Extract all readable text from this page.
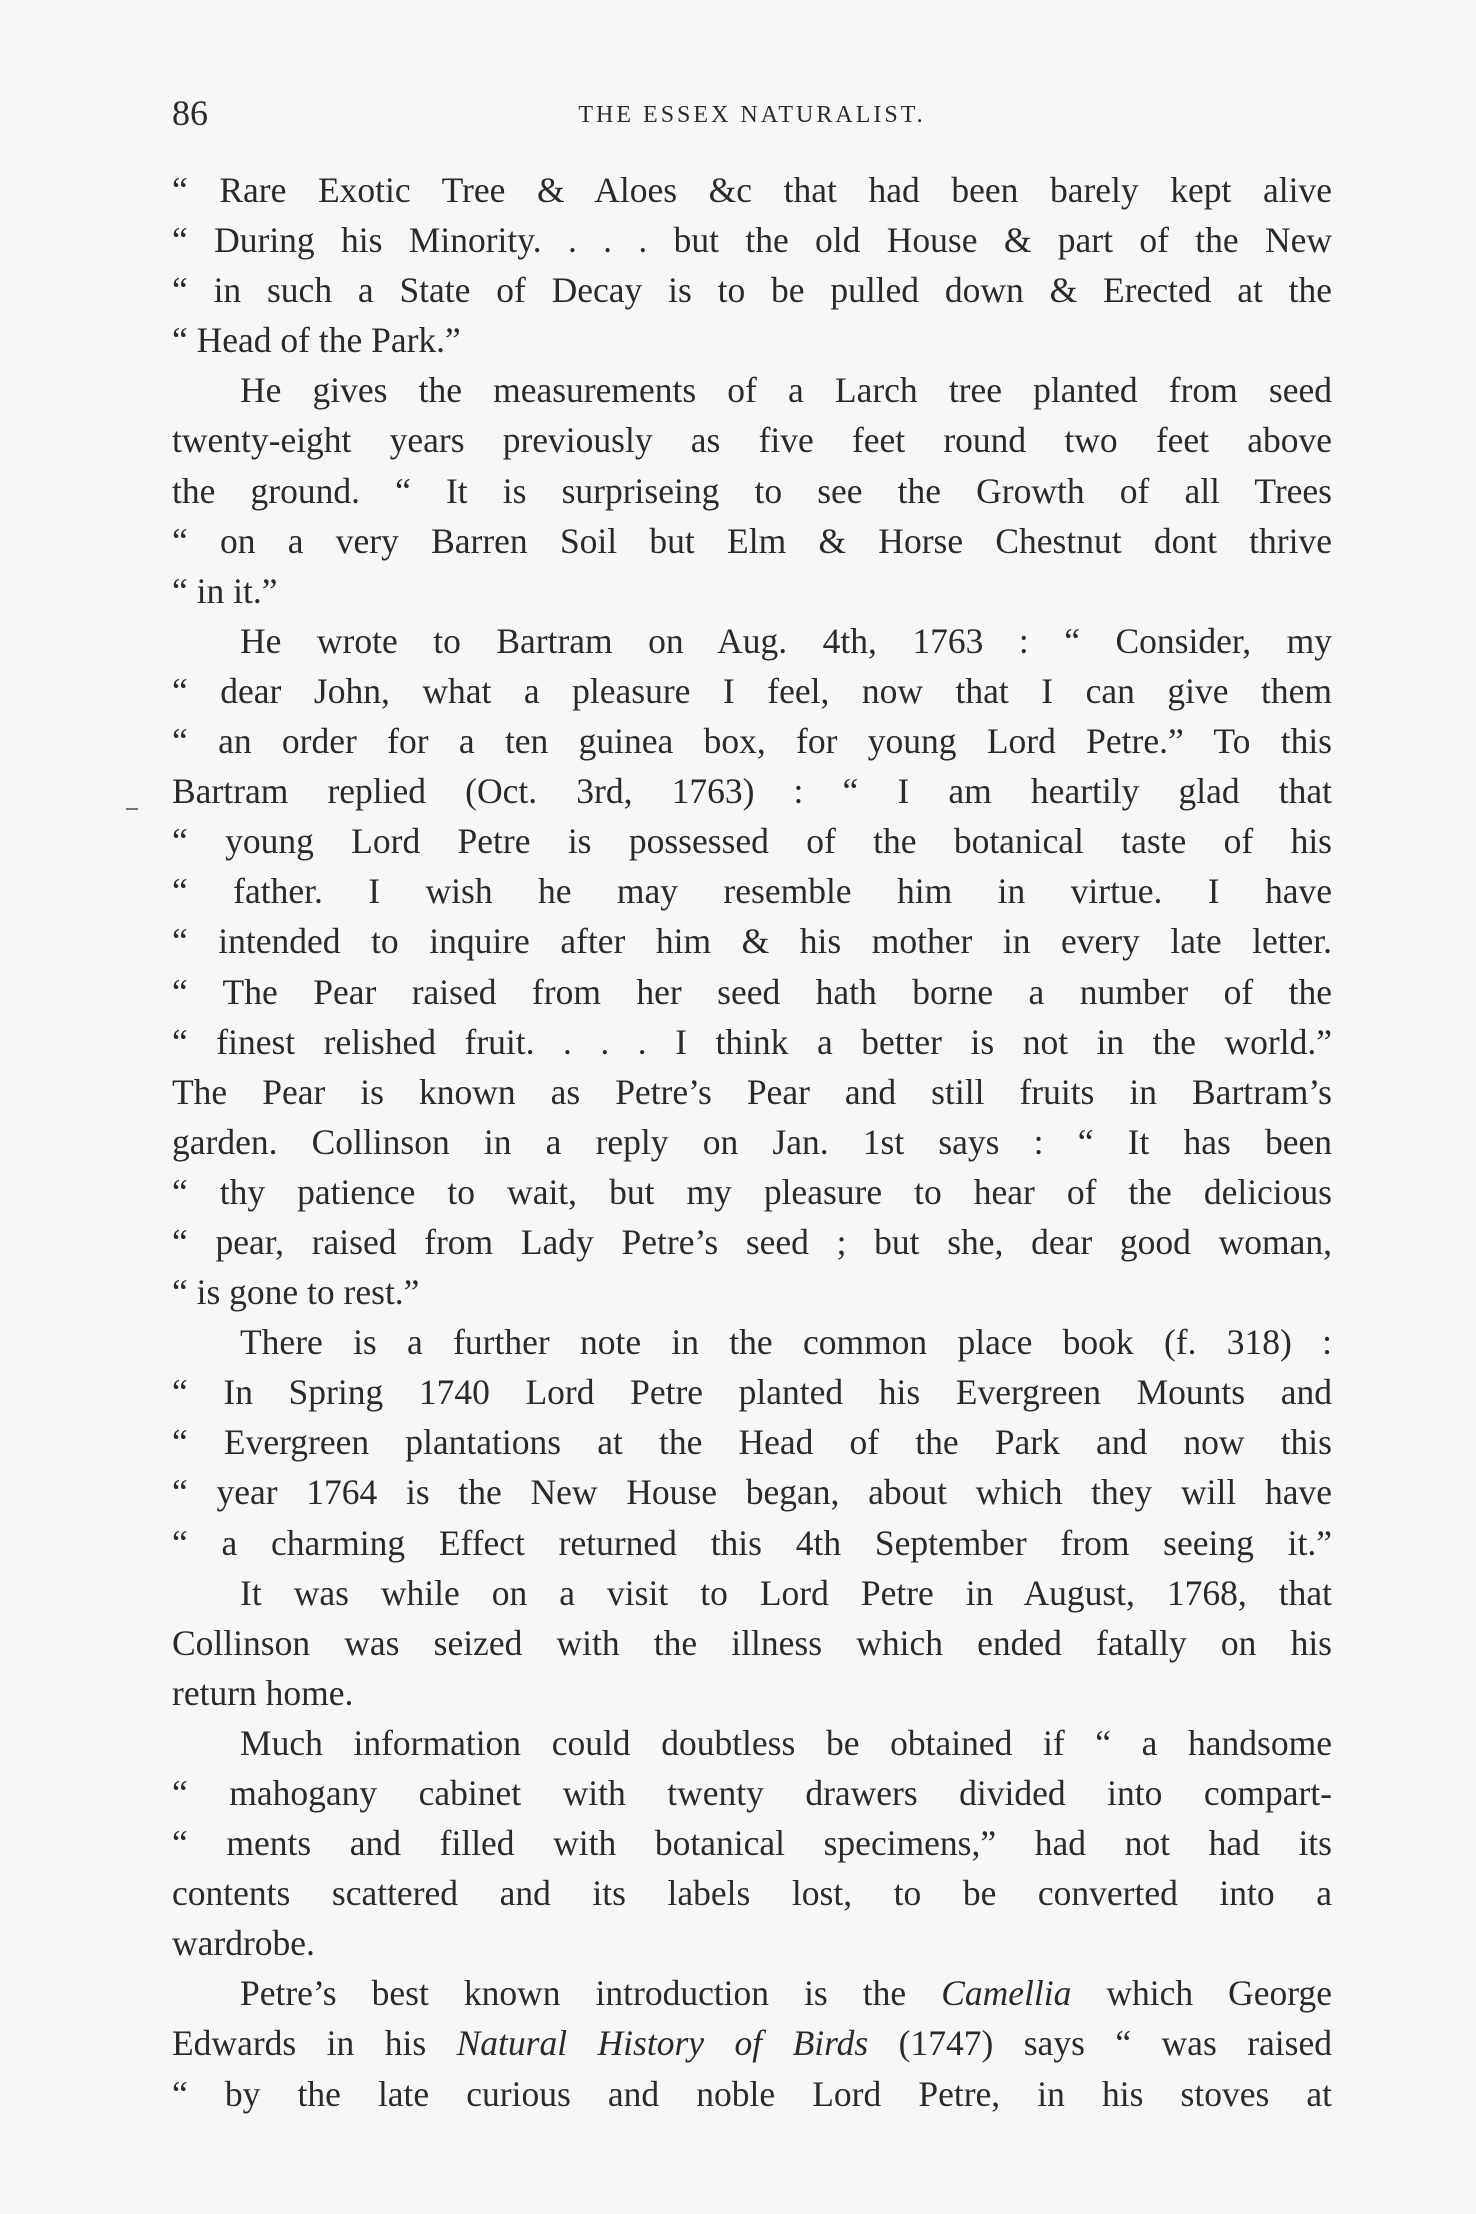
86	THE ESSEX NATURALIST.
“ Rare Exotic Tree & Aloes &c that had been barely kept alive
“ During his Minority. . . . but the old House & part of the New
“ in such a State of Decay is to be pulled down & Erected at the
“ Head of the Park.”
He gives the measurements of a Larch tree planted from seed
twenty-eight years previously as five feet round two feet above
the ground. “ It is surpriseing to see the Growth of all Trees
“ on a very Barren Soil but Elm & Horse Chestnut dont thrive
“ in it.”
He wrote to Bartram on Aug. 4th, 1763 : “ Consider, my
“ dear John, what a pleasure I feel, now that I can give them
“ an order for a ten guinea box, for young Lord Petre.” To this
Bartram replied (Oct. 3rd, 1763) : “ I am heartily glad that
“ young Lord Petre is possessed of the botanical taste of his
“ father. I wish he may resemble him in virtue. I have
“ intended to inquire after him & his mother in every late letter.
“ The Pear raised from her seed hath borne a number of the
“ finest relished fruit. . . . I think a better is not in the world.”
The Pear is known as Petre’s Pear and still fruits in Bartram’s
garden. Collinson in a reply on Jan. 1st says : “ It has been
“ thy patience to wait, but my pleasure to hear of the delicious
“ pear, raised from Lady Petre’s seed ; but she, dear good woman,
“ is gone to rest.”
There is a further note in the common place book (f. 318) :
“ In Spring 1740 Lord Petre planted his Evergreen Mounts and
“ Evergreen plantations at the Head of the Park and now this
“ year 1764 is the New House began, about which they will have
“ a charming Effect returned this 4th September from seeing it.”
It was while on a visit to Lord Petre in August, 1768, that
Collinson was seized with the illness which ended fatally on his
return home.
Much information could doubtless be obtained if “ a handsome
“ mahogany cabinet with twenty drawers divided into compart-
“ ments and filled with botanical specimens,” had not had its
contents scattered and its labels lost, to be converted into a
wardrobe.
Petre’s best known introduction is the Camellia which George
Edwards in his Natural History of Birds (1747) says “ was raised
“ by the late curious and noble Lord Petre, in his stoves at
